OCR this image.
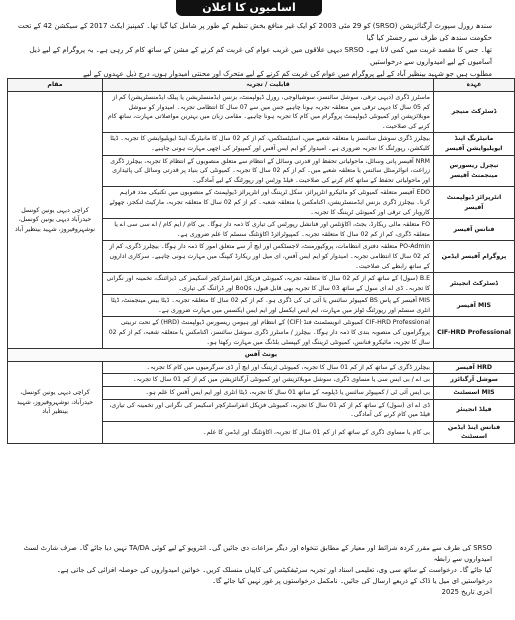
اسامیوں کا اعلان
سندھ رورل سپورٹ آرگنائزیشن (SRSO) کو 29 مئی 2003 کو ایک غیر منافع بخش تنظیم کے طور پر شامل کیا گیا تھا۔ کمپنیز ایکٹ 2017 کے سیکشن 42 کے تحت حکومت سندھ کی طرف سے رجسٹر کیا گیا
تھا۔ جس کا مقصد غربت میں کمی لانا ہے۔ SRSO دیہی علاقوں میں غریب عوام کی غربت کم کرنے کے مشن کے ساتھ کام کر رہی ہے۔ یہ پروگرام کے لیے ذیل آسامیوں کے لیے امیدواروں سے درخواستیں
مطلوب ہیں جو شہید بینظیر آباد کے لیے پروگرام میں عوام کی غربت کم کرنے کے لیے متحرک اور محنتی امیدوار ہوں، درج ذیل عہدوں کے لیے
عہدہ	قابلیت / تجربہ	مقام
ڈسٹرکٹ منیجر	ماسٹرز ڈگری (دیہی ترقی، سوشل سائنسز، سوشیالوجی، رورل ڈیولپمنٹ، بزنس ایڈمنسٹریشن یا پبلک ایڈمنسٹریشن) کم از کم 05 سال کا دیہی ترقی میں متعلقہ تجربہ ہونا چاہیے جس میں سے 07 سال کا انتظامی تجربہ۔ امیدوار کو سوشل موبلائزیشن اور کمیونٹی ڈیولپمنٹ پروگرام میں کام کا تجربہ ہونا چاہیے۔ مقامی زبان میں بہترین مواصلاتی مہارت، ساتھ کام کرنے کی صلاحیت۔	کراچی دیہی یونین کونسل حیدرآباد دیہی یونین کونسل، نوشہروفیروز، شہید بینظیر آباد
مانیٹرنگ اینڈ ایویلیوایشن آفیسر	بیچلرز ڈگری سوشل سائنسز یا متعلقہ شعبے میں، اسٹیٹسٹکس، کم از کم 02 سال کا مانیٹرنگ اینڈ ایویلیوایشن کا تجربہ۔ ڈیٹا کلیکشن، رپورٹنگ کا تجربہ ضروری ہے۔ امیدوار کو ایم ایس آفس اور کمپیوٹر کی اچھی مہارت ہونی چاہیے۔	
نیچرل ریسورس مینجمنٹ آفیسر	NRM آفیسر پانی وسائل، ماحولیاتی تحفظ اور قدرتی وسائل کے انتظام سے متعلق منصوبوں کے انتظام کا تجربہ، بیچلرز ڈگری زراعت، انوائرمنٹل سائنس یا متعلقہ شعبے میں۔ کم از کم 02 سال کا تجربہ۔ کمیونٹی کی بنیاد پر قدرتی وسائل کی پائیداری اور ماحولیاتی تحفظ کے ساتھ کام کرنے کی صلاحیت۔ فیلڈ وزٹس اور رپورٹنگ کے لیے آمادگی۔	
انٹرپرائز ڈیولپمنٹ آفیسر	EDO آفیسر متعلقہ کمیونٹی کو مائیکرو انٹرپرائز، سکل ٹریننگ اور انٹرپرائز ڈیولپمنٹ کے منصوبوں میں تکنیکی مدد فراہم کرنا۔ بیچلرز ڈگری بزنس ایڈمنسٹریشن، اکنامکس یا متعلقہ شعبہ۔ کم از کم 02 سال کا متعلقہ تجربہ، مارکیٹ لنکجز، چھوٹے کاروبار کی ترقی اور کمیونٹی ٹریننگ کا تجربہ۔	
فنانس آفیسر	FO متعلقہ مالی ریکارڈ، بجٹ، اکاؤنٹس اور فنانشل رپورٹس کی تیاری کا ذمہ دار ہوگا۔ بی کام / ایم کام / اے سی سی اے یا متعلقہ ڈگری، کم از کم 02 سال کا متعلقہ تجربہ۔ کمپیوٹرائزڈ اکاؤنٹنگ سسٹم کا علم ضروری ہے۔	
پروگرام آفیسر ایڈمن	PO-Admin متعلقہ دفتری انتظامات، پروکیورمنٹ، لاجسٹکس اور ایچ آر سے متعلق امور کا ذمہ دار ہوگا۔ بیچلرز ڈگری، کم از کم 02 سال کا انتظامی تجربہ۔ امیدوار کو ایم ایس آفس، ای میل اور ریکارڈ کیپنگ میں مہارت ہونی چاہیے۔ سرکاری اداروں کے ساتھ رابطے کی صلاحیت۔	
ڈسٹرکٹ انجینئر	B.E (سول) کے ساتھ کم از کم 02 سال کا متعلقہ تجربہ، کمیونٹی فزیکل انفراسٹرکچر اسکیمز کی ڈیزائننگ، تخمینہ اور نگرانی کا تجربہ۔ ڈی اے ای سول کے ساتھ 03 سال کا تجربہ بھی قابل قبول، BoQs اور ڈرائنگ کی تیاری۔	
MIS آفیسر	MIS آفیسر کے پاس BS کمپیوٹر سائنس یا آئی ٹی کی ڈگری ہو۔ کم از کم 02 سال کا متعلقہ تجربہ۔ ڈیٹا بیس مینجمنٹ، ڈیٹا انٹری سسٹم اور رپورٹنگ ٹولز میں مہارت، ایم ایس ایکسل اور ایم ایس ایکسس میں مہارت ضروری ہے۔	
CIF-HRD Professional	CIF-HRD Professional کمیونٹی انویسٹمنٹ فنڈ (CIF) کے انتظام اور ہیومن ریسورس ڈیولپمنٹ (HRD) کے تحت تربیتی پروگراموں کی منصوبہ بندی کا ذمہ دار ہوگا۔ بیچلرز / ماسٹرز ڈگری سوشل سائنسز، اکنامکس یا متعلقہ شعبہ، کم از کم 02 سال کا تجربہ، مائیکرو فنانس، کمیونٹی ٹریننگ اور کیپسٹی بلڈنگ میں مہارت رکھتا ہو۔	
یونٹ آفس		
HRD آفیسر	بیچلرز ڈگری کے ساتھ کم از کم 01 سال کا تجربہ، کمیونٹی ٹریننگ اور ایچ آر ڈی سرگرمیوں میں کام کا تجربہ۔	کراچی دیہی یونین کونسل، حیدرآباد، نوشہروفیروز، شہید بینظیر آباد
سوشل آرگنائزر	بی اے / بی ایس سی یا مساوی ڈگری، سوشل موبلائزیشن اور کمیونٹی آرگنائزیشن میں کم از کم 01 سال کا تجربہ۔	
MIS اسسٹنٹ	بی ایس آئی ٹی / کمپیوٹر سائنس یا ڈپلومہ کے ساتھ 01 سال کا تجربہ، ڈیٹا انٹری اور ایم ایس آفس کا علم ہو۔	
فیلڈ انجینئر	ڈی اے ای (سول) کے ساتھ کم از کم 01 سال کا تجربہ، کمیونٹی فزیکل انفراسٹرکچر اسکیمز کی نگرانی اور تخمینہ کی تیاری، فیلڈ میں کام کرنے کی آمادگی۔	
فنانس اینڈ ایڈمن اسسٹنٹ	بی کام یا مساوی ڈگری کے ساتھ کم از کم 01 سال کا تجربہ، اکاؤنٹنگ اور ایڈمن کا علم۔	

SRSO کی طرف سے مقرر کردہ شرائط اور معیار کے مطابق تنخواہ اور دیگر مراعات دی جائیں گی۔ انٹرویو کے لیے کوئی TA/DA نہیں دیا جائے گا۔ صرف شارٹ لسٹ امیدواروں سے رابطہ

کیا جائے گا۔ درخواست کے ساتھ سی وی، تعلیمی اسناد اور تجربہ سرٹیفکیٹس کی کاپیاں منسلک کریں۔ خواتین امیدواروں کی حوصلہ افزائی کی جاتی ہے۔

درخواستیں ای میل یا ڈاک کے ذریعے ارسال کی جائیں۔ نامکمل درخواستوں پر غور نہیں کیا جائے گا۔

آخری تاریخ 2025
